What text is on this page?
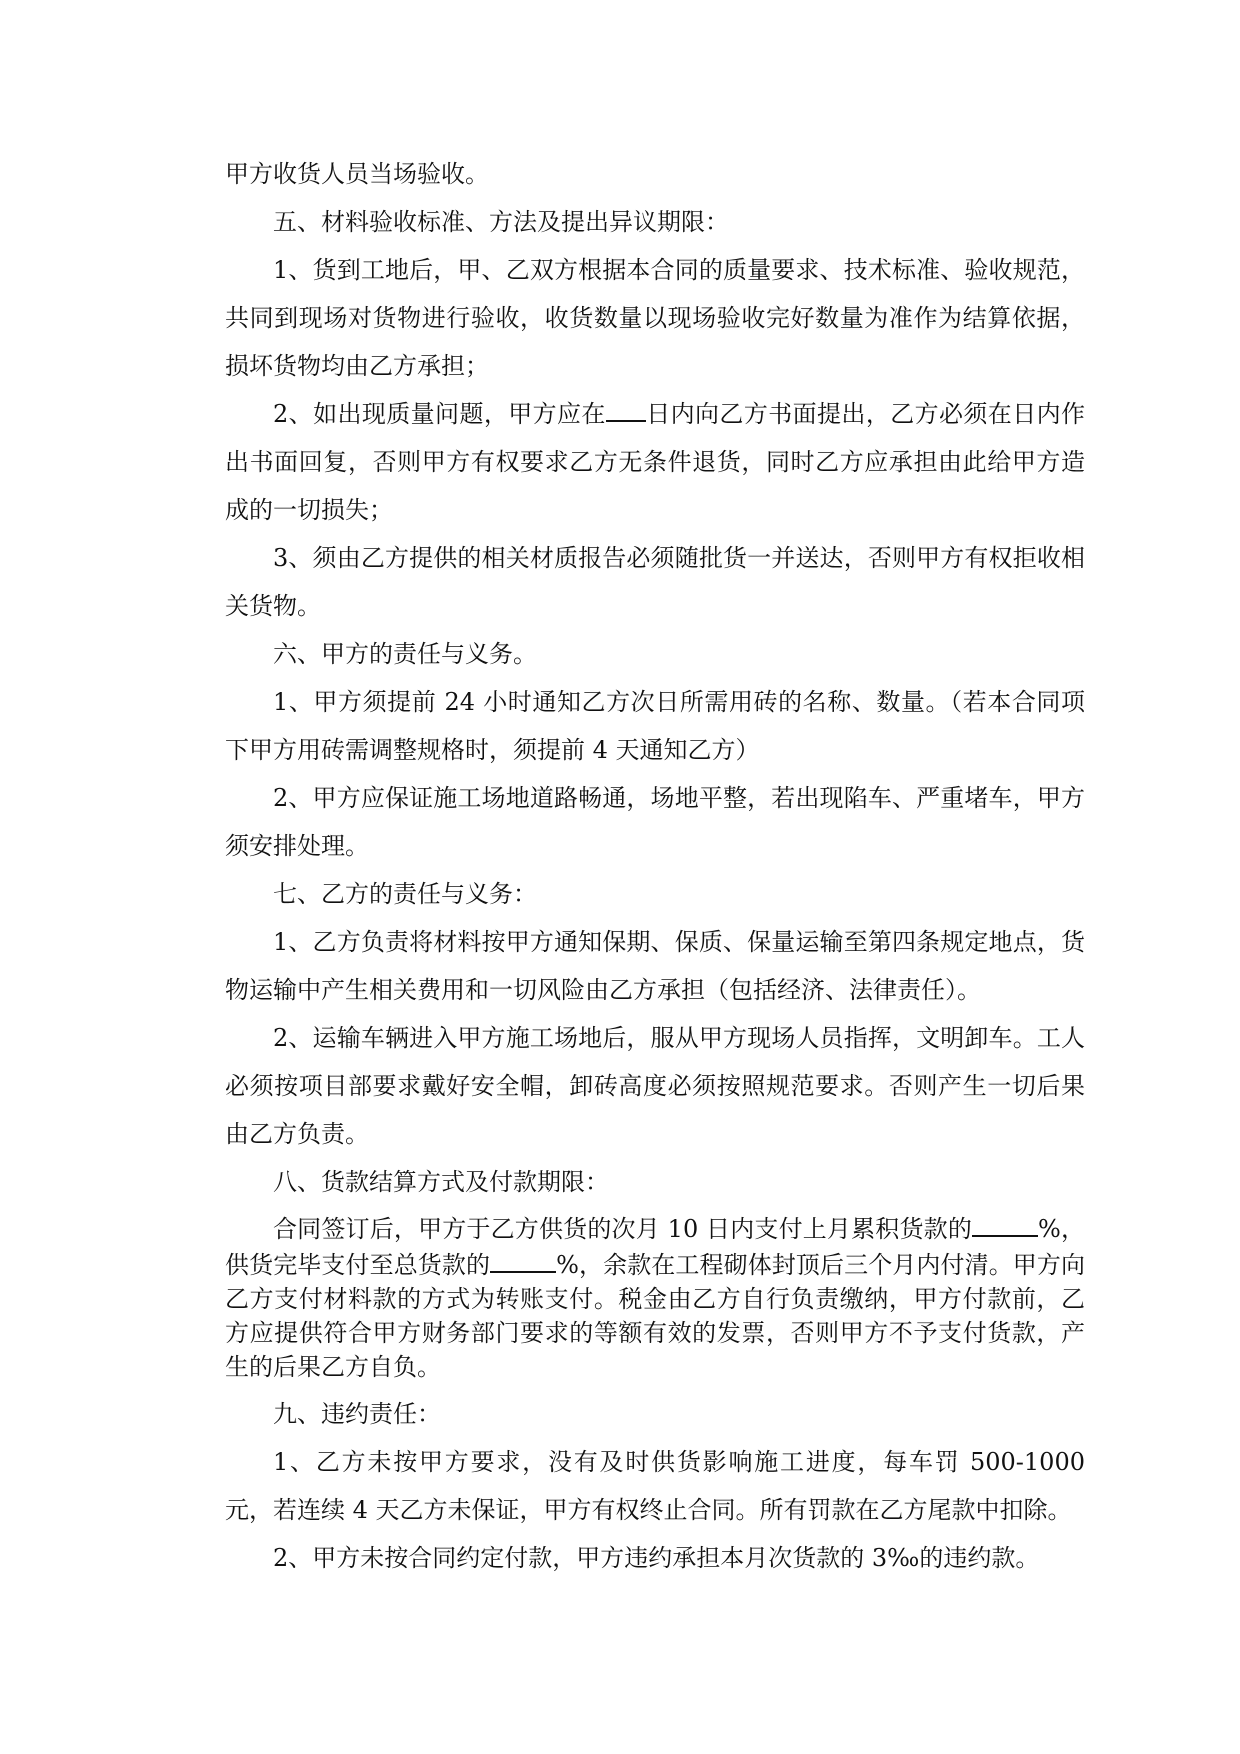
甲方收货人员当场验收。

五、材料验收标准、方法及提出异议期限：

1、货到工地后，甲、乙双方根据本合同的质量要求、技术标准、验收规范，共同到现场对货物进行验收，收货数量以现场验收完好数量为准作为结算依据，损坏货物均由乙方承担；

2、如出现质量问题，甲方应在 日内向乙方书面提出，乙方必须在日内作出书面回复，否则甲方有权要求乙方无条件退货，同时乙方应承担由此给甲方造成的一切损失；

3、须由乙方提供的相关材质报告必须随批货一并送达，否则甲方有权拒收相关货物。

六、甲方的责任与义务。

1、甲方须提前 24 小时通知乙方次日所需用砖的名称、数量。（若本合同项下甲方用砖需调整规格时，须提前 4 天通知乙方）

2、甲方应保证施工场地道路畅通，场地平整，若出现陷车、严重堵车，甲方须安排处理。

七、乙方的责任与义务：

1、乙方负责将材料按甲方通知保期、保质、保量运输至第四条规定地点，货物运输中产生相关费用和一切风险由乙方承担（包括经济、法律责任）。

2、运输车辆进入甲方施工场地后，服从甲方现场人员指挥，文明卸车。工人必须按项目部要求戴好安全帽，卸砖高度必须按照规范要求。否则产生一切后果由乙方负责。

八、货款结算方式及付款期限：

合同签订后，甲方于乙方供货的次月 10 日内支付上月累积货款的	%，供货完毕支付至总货款的	%，余款在工程砌体封顶后三个月内付清。甲方向乙方支付材料款的方式为转账支付。税金由乙方自行负责缴纳，甲方付款前，乙方应提供符合甲方财务部门要求的等额有效的发票，否则甲方不予支付货款，产生的后果乙方自负。

九、违约责任：

1、乙方未按甲方要求，没有及时供货影响施工进度，每车罚 500-1000 元，若连续 4 天乙方未保证，甲方有权终止合同。所有罚款在乙方尾款中扣除。

2、甲方未按合同约定付款，甲方违约承担本月次货款的 3‰的违约款。
